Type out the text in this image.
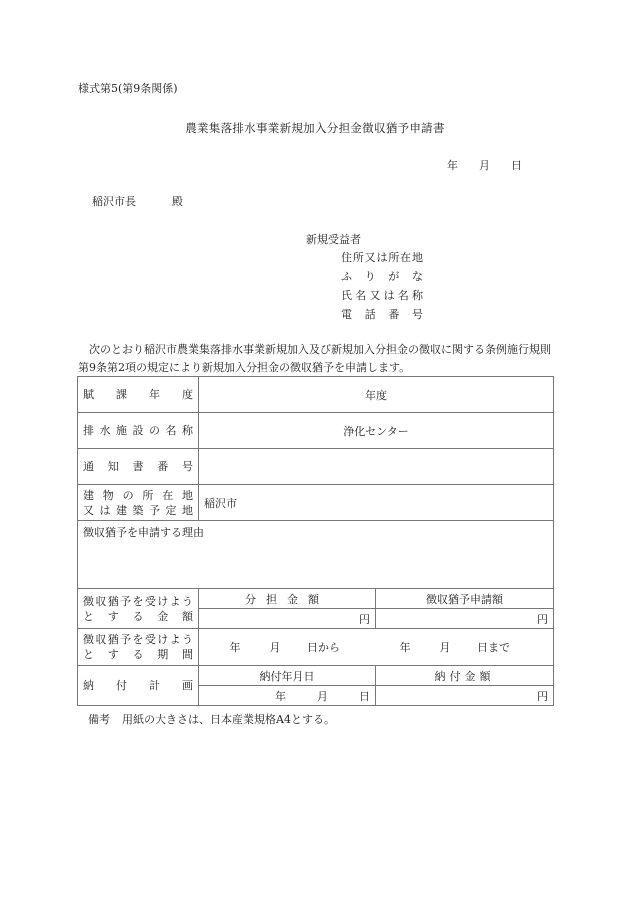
様式第5(第9条関係)
農業集落排水事業新規加入分担金徴収猶予申請書
年 月 日
稲沢市長	殿
新規受益者
住所又は所在地
ふりがな
氏名又は名称
電話番号
次のとおり稲沢市農業集落排水事業新規加入及び新規加入分担金の徴収に関する条例施行規則第9条第2項の規定により新規加入分担金の徴収猶予を申請します。
賦課年度	年度	
排水施設の名称	浄化センター	
通知書番号		

建物の所在地
又は建築予定地	稲沢市	
徴収猶予を申請する理由		

徴収猶予を受けよう
とする金額	分担金額	徴収猶予申請額
	円	円

徴収猶予を受けよう
とする期間	年 月 日から 年 月 日まで	
納付計画	納付年月日	納付金額
	年 月 日	円
備考 用紙の大きさは、日本産業規格A4とする。
